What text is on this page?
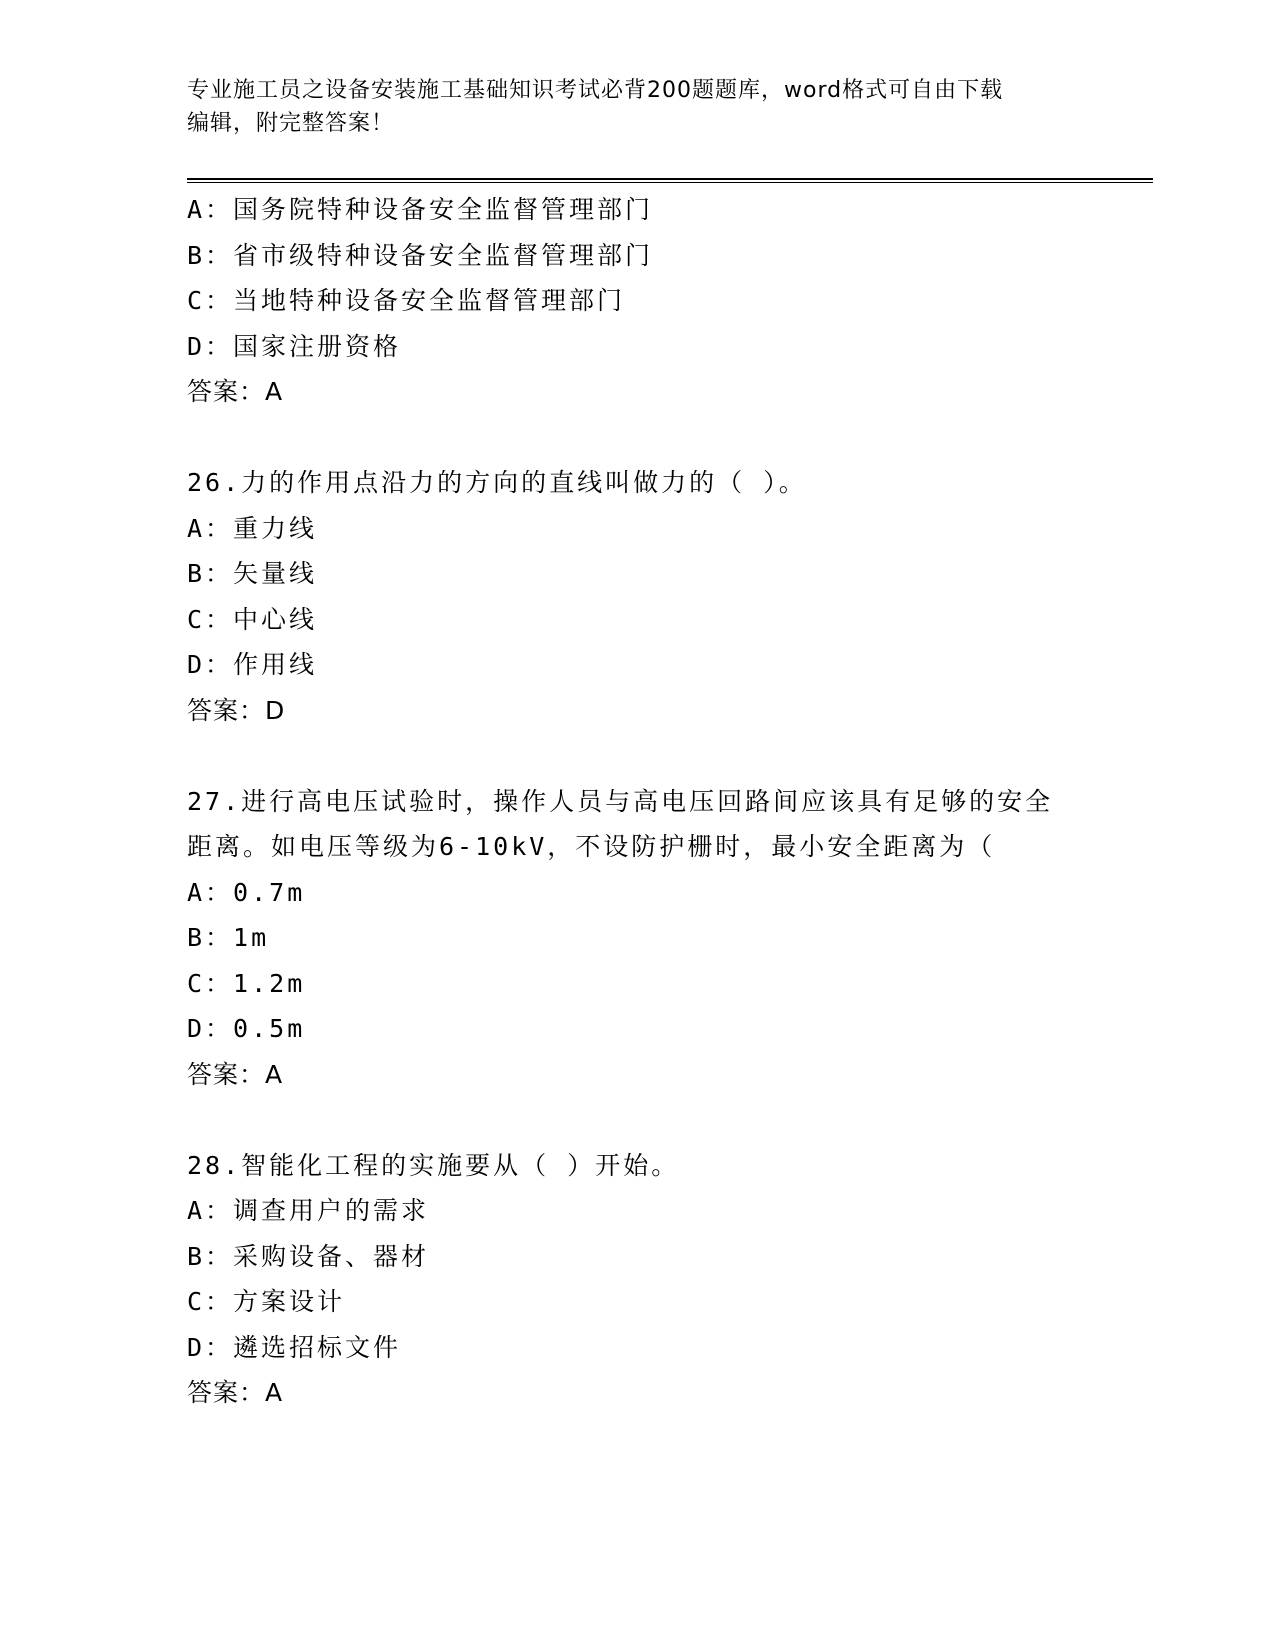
专业施工员之设备安装施工基础知识考试必背200题题库，word格式可自由下载
编辑，附完整答案！
A：国务院特种设备安全监督管理部门
B：省市级特种设备安全监督管理部门
C：当地特种设备安全监督管理部门
D：国家注册资格
答案：A
26.力的作用点沿力的方向的直线叫做力的（ ）。
A：重力线
B：矢量线
C：中心线
D：作用线
答案：D
27.进行高电压试验时，操作人员与高电压回路间应该具有足够的安全
距离。如电压等级为6-10kV，不设防护栅时，最小安全距离为（
A：0.7m
B：1m
C：1.2m
D：0.5m
答案：A
28.智能化工程的实施要从（ ）开始。
A：调查用户的需求
B：采购设备、器材
C：方案设计
D：遴选招标文件
答案：A
